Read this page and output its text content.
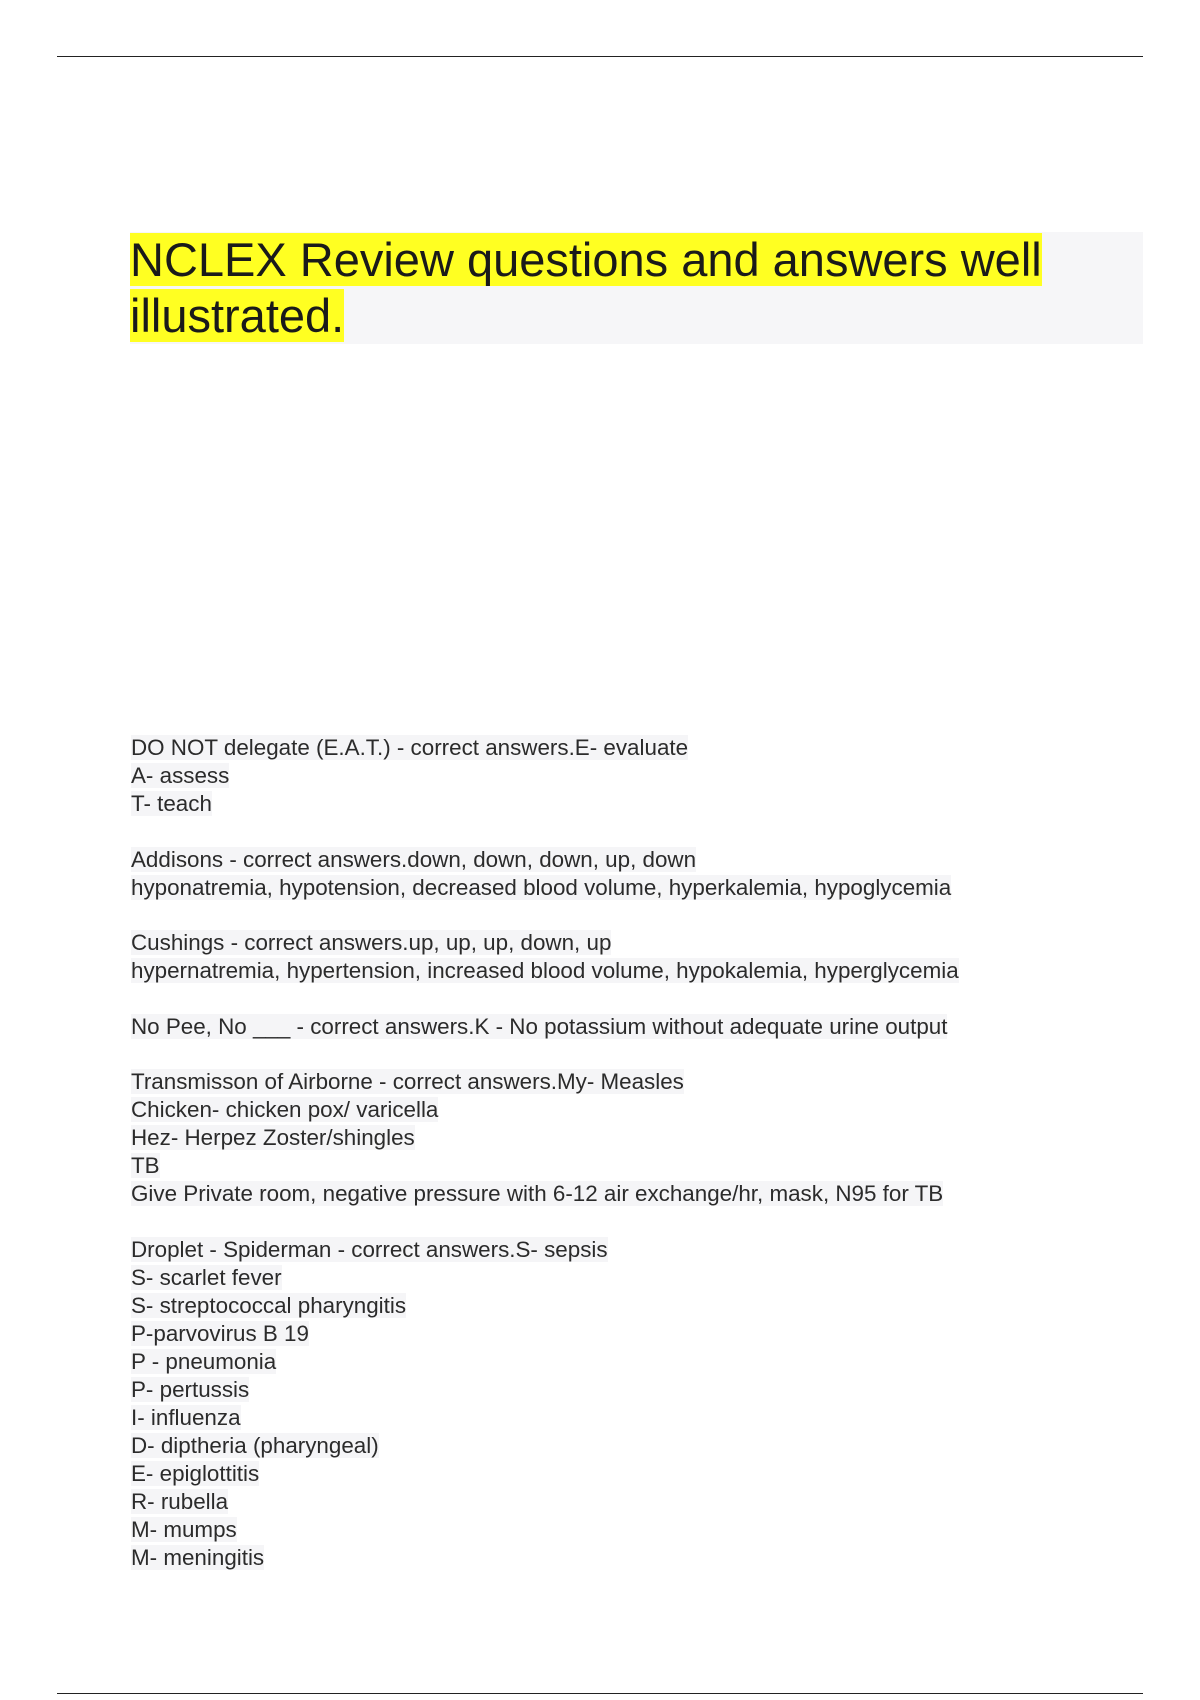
NCLEX Review questions and answers well illustrated.
DO NOT delegate (E.A.T.) - correct answers.E- evaluate
A- assess
T- teach
Addisons - correct answers.down, down, down, up, down
hyponatremia, hypotension, decreased blood volume, hyperkalemia, hypoglycemia
Cushings - correct answers.up, up, up, down, up
hypernatremia, hypertension, increased blood volume, hypokalemia, hyperglycemia
No Pee, No ___ - correct answers.K - No potassium without adequate urine output
Transmisson of Airborne - correct answers.My- Measles
Chicken- chicken pox/ varicella
Hez- Herpez Zoster/shingles
TB
Give Private room, negative pressure with 6-12 air exchange/hr, mask, N95 for TB
Droplet - Spiderman - correct answers.S- sepsis
S- scarlet fever
S- streptococcal pharyngitis
P-parvovirus B 19
P - pneumonia
P- pertussis
I- influenza
D- diptheria (pharyngeal)
E- epiglottitis
R- rubella
M- mumps
M- meningitis
